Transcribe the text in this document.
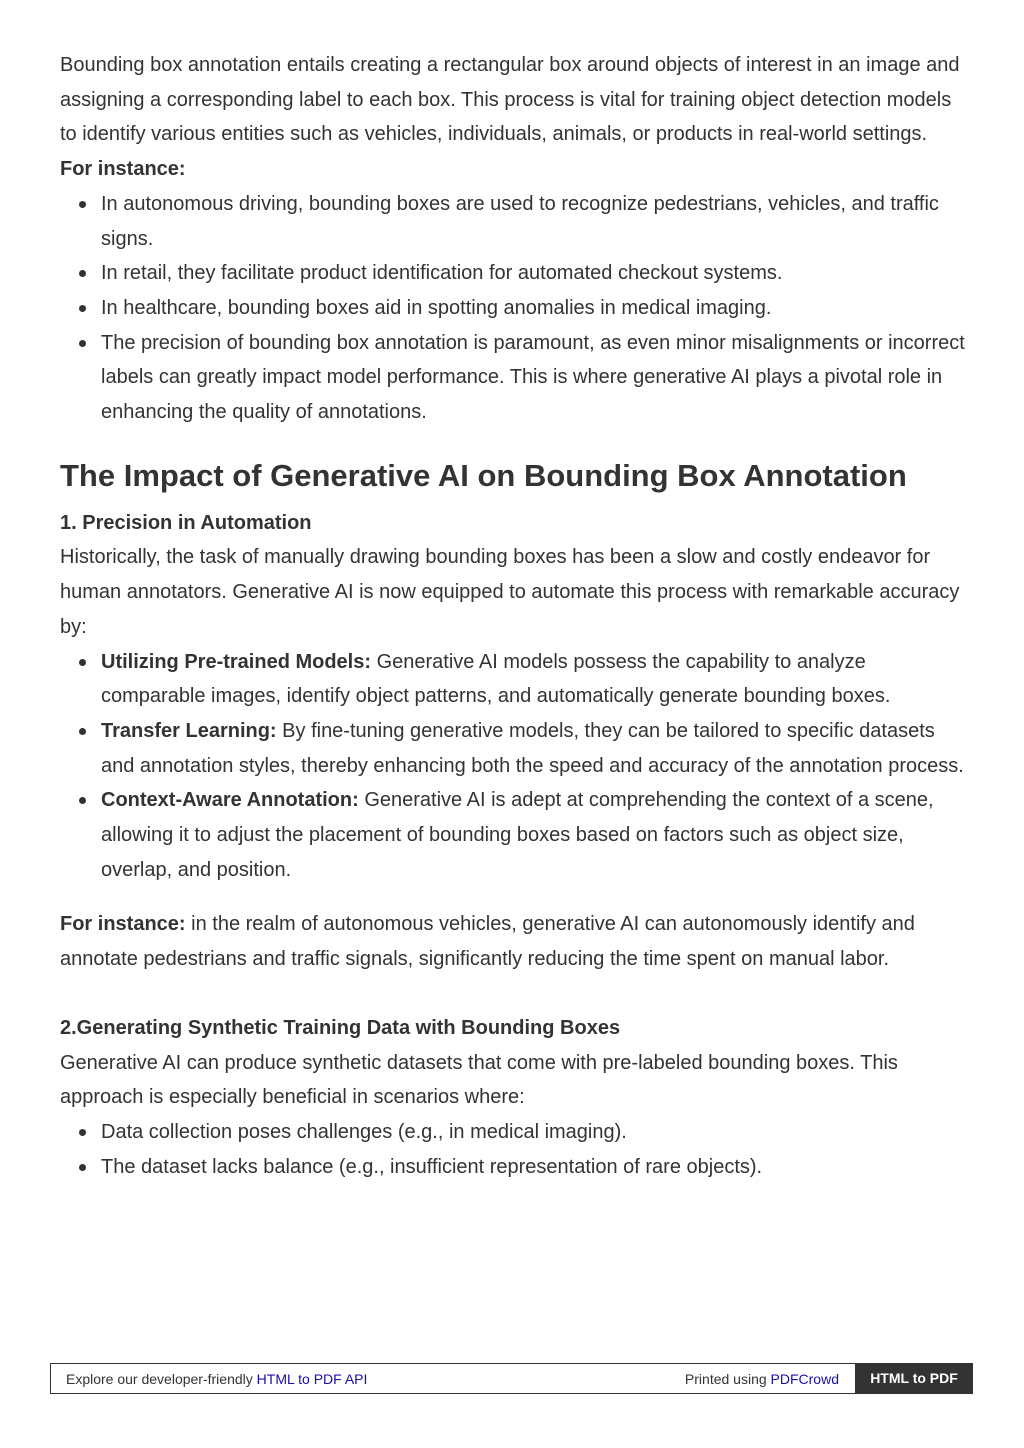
Bounding box annotation entails creating a rectangular box around objects of interest in an image and assigning a corresponding label to each box. This process is vital for training object detection models to identify various entities such as vehicles, individuals, animals, or products in real-world settings.

For instance:

In autonomous driving, bounding boxes are used to recognize pedestrians, vehicles, and traffic signs.
In retail, they facilitate product identification for automated checkout systems.
In healthcare, bounding boxes aid in spotting anomalies in medical imaging.
The precision of bounding box annotation is paramount, as even minor misalignments or incorrect labels can greatly impact model performance. This is where generative AI plays a pivotal role in enhancing the quality of annotations.
The Impact of Generative AI on Bounding Box Annotation
1. Precision in Automation

Historically, the task of manually drawing bounding boxes has been a slow and costly endeavor for human annotators. Generative AI is now equipped to automate this process with remarkable accuracy by:

Utilizing Pre-trained Models: Generative AI models possess the capability to analyze comparable images, identify object patterns, and automatically generate bounding boxes.
Transfer Learning: By fine-tuning generative models, they can be tailored to specific datasets and annotation styles, thereby enhancing both the speed and accuracy of the annotation process.
Context-Aware Annotation: Generative AI is adept at comprehending the context of a scene, allowing it to adjust the placement of bounding boxes based on factors such as object size, overlap, and position.

For instance: in the realm of autonomous vehicles, generative AI can autonomously identify and annotate pedestrians and traffic signals, significantly reducing the time spent on manual labor.

2.Generating Synthetic Training Data with Bounding Boxes

Generative AI can produce synthetic datasets that come with pre-labeled bounding boxes. This approach is especially beneficial in scenarios where:

Data collection poses challenges (e.g., in medical imaging).
The dataset lacks balance (e.g., insufficient representation of rare objects).
Explore our developer-friendly HTML to PDF API	Printed using PDFCrowd	HTML to PDF
